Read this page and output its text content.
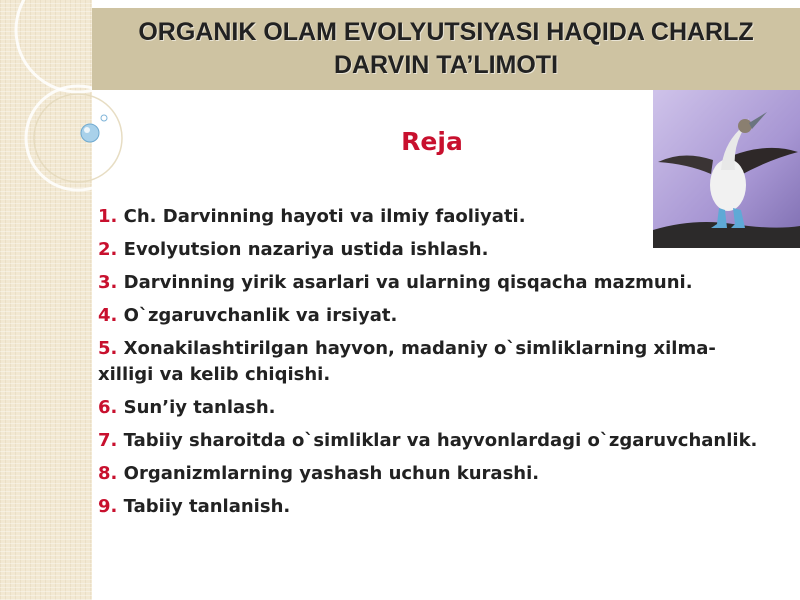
ORGANIK OLAM EVOLYUTSIYASI HAQIDA CHARLZ DARVIN TA’LIMOTI
Reja
1. Ch. Darvinning hayoti va ilmiy faoliyati.
2. Evolyutsion nazariya ustida ishlash.
3. Darvinning yirik asarlari va ularning qisqacha mazmuni.
4. O`zgaruvchanlik va irsiyat.
5. Xonakilashtirilgan hayvon, madaniy o`simliklarning xilma- xilligi va kelib chiqishi.
6. Sun’iy tanlash.
7. Tabiiy sharoitda o`simliklar va hayvonlardagi o`zgaruvchanlik.
8. Organizmlarning yashash uchun kurashi.
9. Tabiiy tanlanish.
